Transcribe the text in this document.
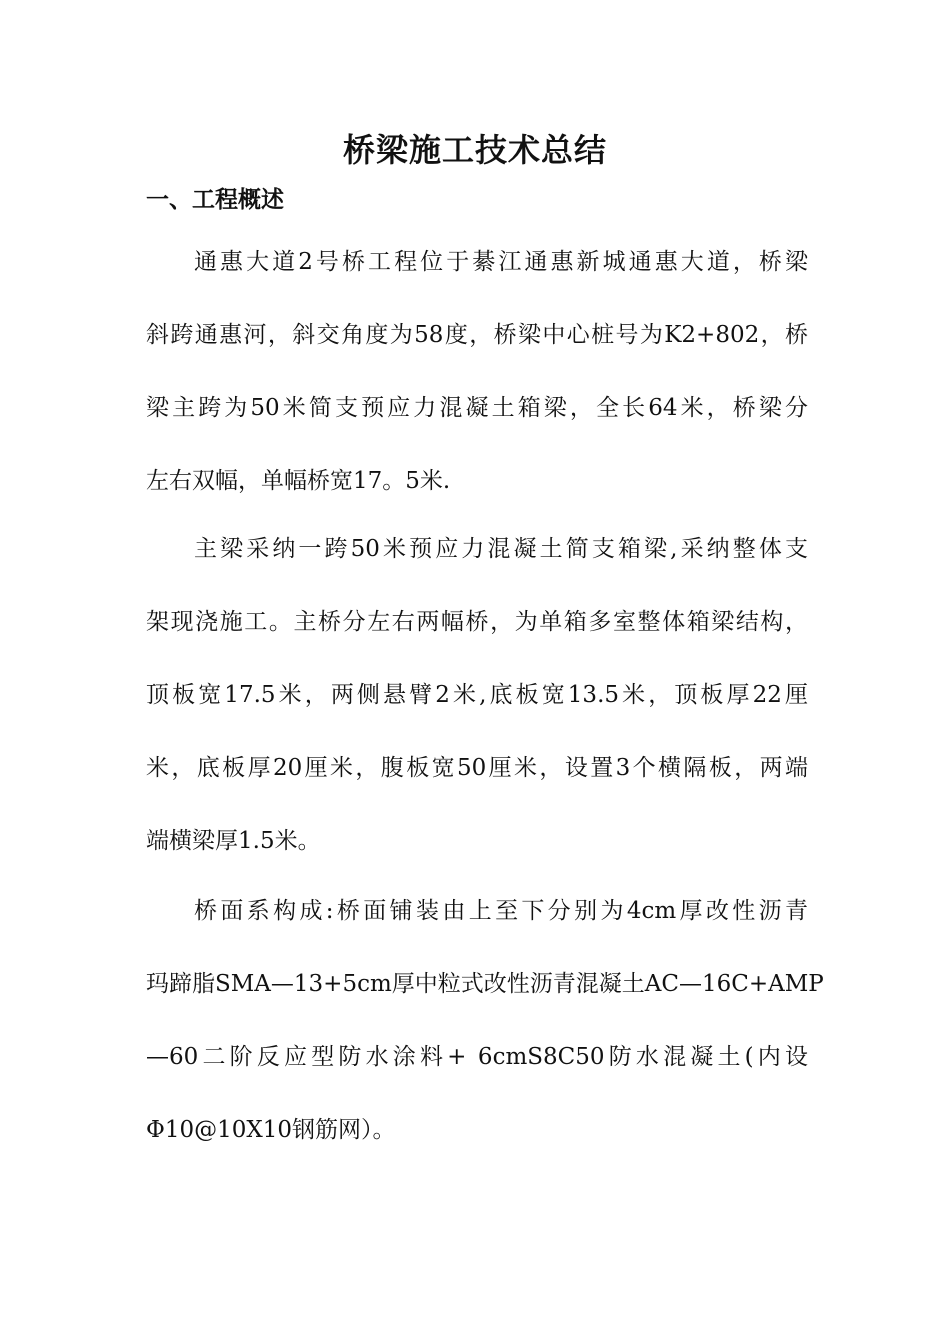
桥梁施工技术总结
一、工程概述
通惠大道2号桥工程位于綦江通惠新城通惠大道，桥梁
斜跨通惠河，斜交角度为58度，桥梁中心桩号为K2+802，桥
梁主跨为50米简支预应力混凝土箱梁，全长64米，桥梁分
左右双幅，单幅桥宽17。5米.
主梁采纳一跨50米预应力混凝土简支箱梁,采纳整体支
架现浇施工。主桥分左右两幅桥，为单箱多室整体箱梁结构，
顶板宽17.5米，两侧悬臂2米,底板宽13.5米，顶板厚22厘
米，底板厚20厘米，腹板宽50厘米，设置3个横隔板，两端
端横梁厚1.5米。
桥面系构成:桥面铺装由上至下分别为4cm厚改性沥青
玛蹄脂SMA—13+5cm厚中粒式改性沥青混凝土AC—16C+AMP
—60二阶反应型防水涂料+ 6cmS8C50防水混凝土(内设
Φ10@10X10钢筋网）。
